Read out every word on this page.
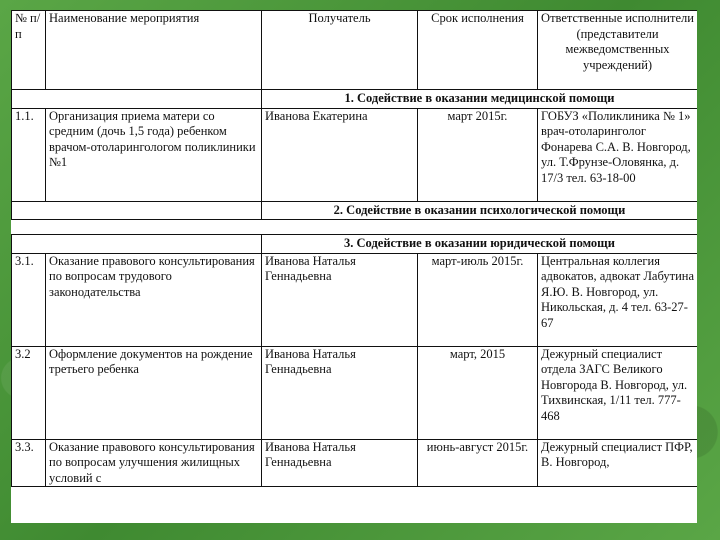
№ п/п	Наименование мероприятия	Получатель	Срок исполнения	Ответственные исполнители (представители межведомственных учреждений)
		1. Содействие в оказании медицинской помощи		
1.1.	Организация приема матери со средним (дочь 1,5 года) ребенком врачом-отоларингологом поликлиники №1	Иванова Екатерина	март 2015г.	ГОБУЗ «Поликлиника № 1» врач-отоларинголог Фонарева С.А. В. Новгород, ул. Т.Фрунзе-Оловянка, д. 17/3 тел. 63-18-00
		2. Содействие в оказании психологической помощи		

		3. Содействие в оказании юридической помощи		
3.1.	Оказание правового консультирования по вопросам трудового законодательства	Иванова Наталья Геннадьевна	март-июль 2015г.	Центральная коллегия адвокатов, адвокат Лабутина Я.Ю. В. Новгород, ул. Никольская, д. 4 тел. 63-27-67
3.2	Оформление документов на рождение третьего ребенка	Иванова Наталья Геннадьевна	март, 2015	Дежурный специалист отдела ЗАГС Великого Новгорода В. Новгород, ул. Тихвинская, 1/11 тел. 777-468
3.3.	Оказание правового консультирования по вопросам улучшения жилищных условий с	Иванова Наталья Геннадьевна	июнь-август 2015г.	Дежурный специалист ПФР, В. Новгород,
